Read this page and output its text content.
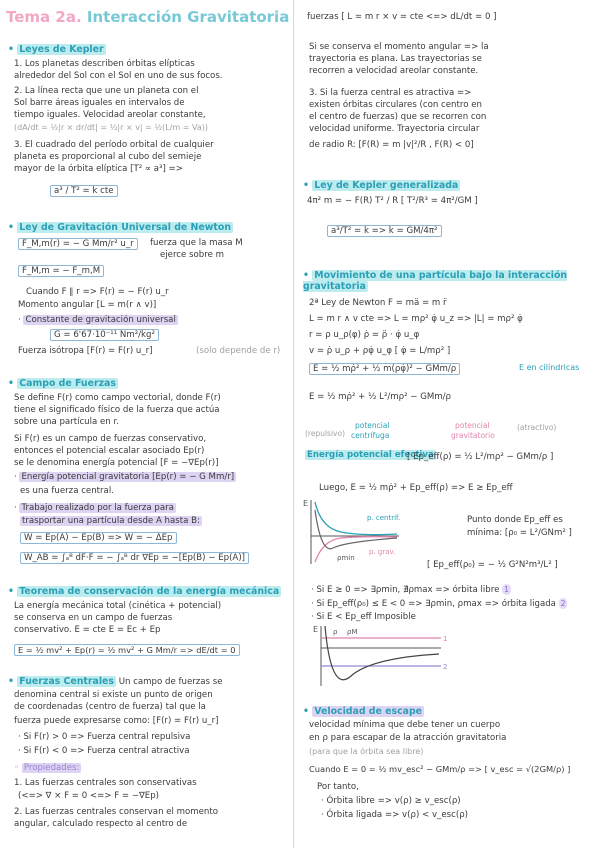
Tema 2a. Interacción Gravitatoria
• Leyes de Kepler
1. Los planetas describen órbitas elípticas
alrededor del Sol con el Sol en uno de sus focos.
2. La línea recta que une un planeta con el
Sol barre áreas iguales en intervalos de
tiempo iguales. Velocidad areolar constante,
(dA/dt = ½|r × dr/dt| = ½|r × v| = ½(L/m = Va))
3. El cuadrado del período orbital de cualquier
planeta es proporcional al cubo del semieje
mayor de la órbita elíptica [T² ∝ a³] =>
a³ / T² = k cte
• Ley de Gravitación Universal de Newton
F_M,m(r) = − G Mm/r² u_r	fuerza que la masa M
ejerce sobre m
F_M,m = − F_m,M
Cuando F ∥ r => F(r) = − F(r) u_r
Momento angular [L = m(r ∧ v)]
· Constante de gravitación universal
G = 6'67·10⁻¹¹ Nm²/kg²
Fuerza isótropa [F(r) = F(r) u_r]	(solo depende de r)
• Campo de Fuerzas
Se define F(r) como campo vectorial, donde F(r)
tiene el significado físico de la fuerza que actúa
sobre una partícula en r.
Si F(r) es un campo de fuerzas conservativo,
entonces el potencial escalar asociado Ep(r)
se le denomina energía potencial [F = −∇Ep(r)]
· Energía potencial gravitatoria [Ep(r) = − G Mm/r]
es una fuerza central.
· Trabajo realizado por la fuerza para
trasportar una partícula desde A hasta B:
W = Ep(A) − Ep(B) => W = − ΔEp
W_AB = ∫ₐᴮ dF·F = − ∫ₐᴮ dr ∇Ep = −[Ep(B) − Ep(A)]
• Teorema de conservación de la energía mecánica
La energía mecánica total (cinética + potencial)
se conserva en un campo de fuerzas
conservativo. E = cte E = Ec + Ep
E = ½ mv² + Ep(r) = ½ mv² + G Mm/r => dE/dt = 0
• Fuerzas Centrales Un campo de fuerzas se
denomina central si existe un punto de origen
de coordenadas (centro de fuerza) tal que la
fuerza puede expresarse como: [F(r) = F(r) u_r]
· Si F(r) > 0 => Fuerza central repulsiva
· Si F(r) < 0 => Fuerza central atractiva
◦ Propiedades:
1. Las fuerzas centrales son conservativas
(<=> ∇ × F = 0 <=> F = −∇Ep)
2. Las fuerzas centrales conservan el momento
angular, calculado respecto al centro de
fuerzas [ L = m r × v = cte <=> dL/dt = 0 ]
Si se conserva el momento angular => la
trayectoria es plana. Las trayectorias se
recorren a velocidad areolar constante.
3. Si la fuerza central es atractiva =>
existen órbitas circulares (con centro en
el centro de fuerzas) que se recorren con
velocidad uniforme. Trayectoria circular
de radio R: [F(R) = m |v|²/R , F(R) < 0]
• Ley de Kepler generalizada
4π² m = − F(R) T² / R [ T²/R³ = 4π²/GM ]
a³/T² = k => k = GM/4π²
• Movimiento de una partícula bajo la interacción gravitatoria
2ª Ley de Newton F = mä = m r̈
L = m r ∧ v cte => L = mρ² φ̇ u_z => |L| = mρ² φ̇
r = ρ u_ρ(φ) ρ̇ = ρ̈ · φ̇ u_φ
v = ρ̇ u_ρ + ρφ̇ u_φ [ φ̇ = L/mρ² ]
E = ½ mρ̇² + ½ m(ρφ̇)² − GMm/ρ	E en cilíndricas
E = ½ mρ̇² + ½ L²/mρ² − GMm/ρ
(repulsivo)
potencial
centrífuga
potencial
gravitatorio
(atractivo)
Energía potencial efectiva
[ Ep_eff(ρ) = ½ L²/mρ² − GMm/ρ ]
Luego, E = ½ mρ̇² + Ep_eff(ρ) => E ≥ Ep_eff
E
p. centríf.
p. grav.
ρmin
Punto donde Ep_eff es
mínima: [ρ₀ = L²/GNm² ]
[ Ep_eff(ρ₀) = − ½ G²N²m³/L² ]
· Si E ≥ 0 => ∃ρmin, ∄ρmax => órbita libre 1
· Si Ep_eff(ρ₀) ≤ E < 0 => ∃ρmin, ρmax => órbita ligada 2
· Si E < Ep_eff Imposible
E ρ ρM
1
2
• Velocidad de escape
velocidad mínima que debe tener un cuerpo
en ρ para escapar de la atracción gravitatoria
(para que la órbita sea libre)
Cuando E = 0 = ½ mv_esc² − GMm/ρ => [ v_esc = √(2GM/ρ) ]
Por tanto,
· Órbita libre => v(ρ) ≥ v_esc(ρ)
· Órbita ligada => v(ρ) < v_esc(ρ)
